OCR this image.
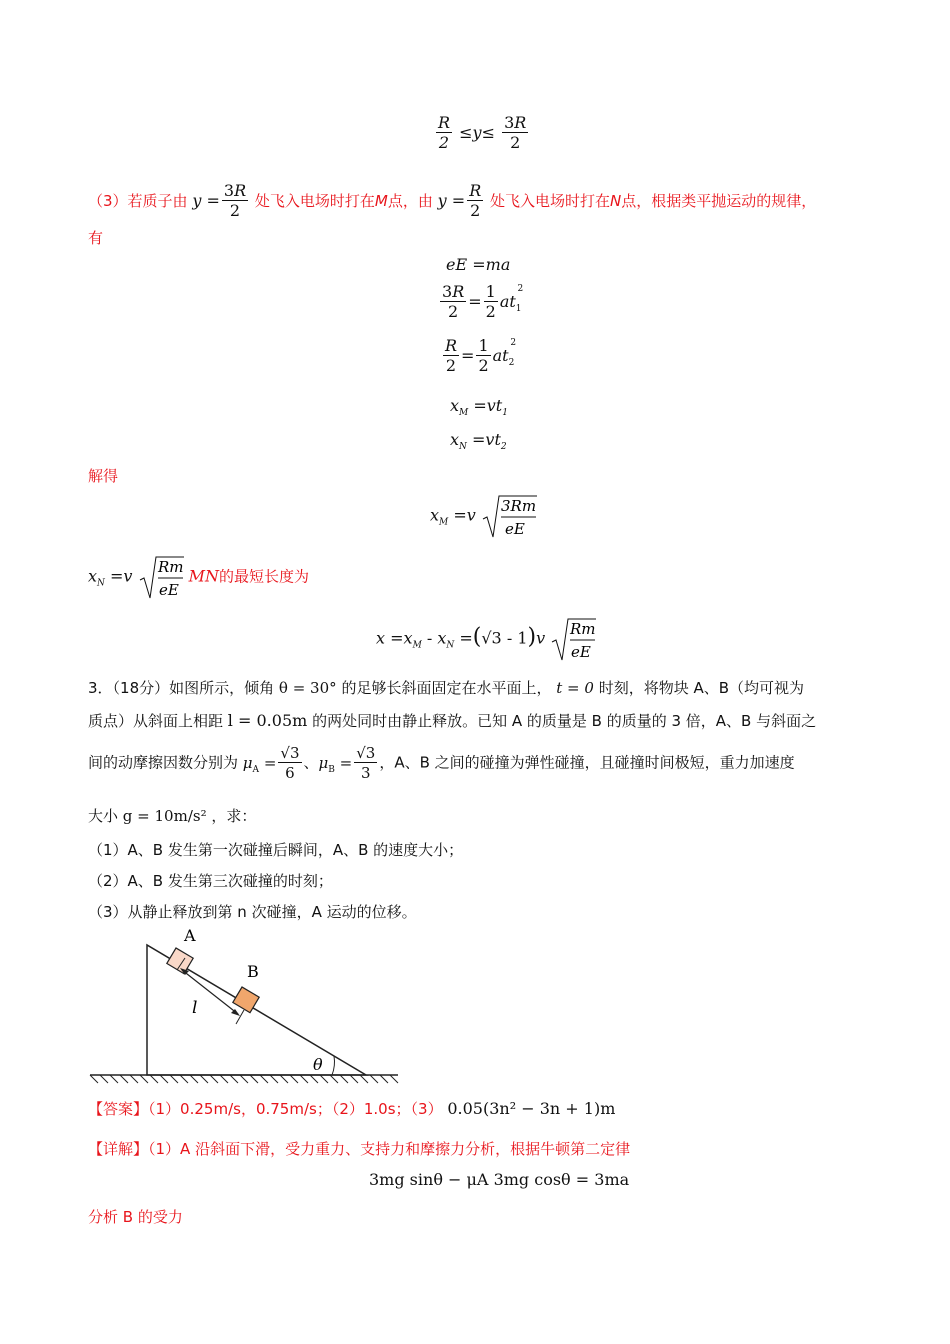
$\frac{R}{2} \le y\le \frac{3R}{2}$
（3）若质子由 $y = \frac{3R}{2}$ 处飞入电场时打在M点，由 $y = \frac{R}{2}$ 处飞入电场时打在N点，根据类平抛运动的规律，
有
eE =ma
$\frac{3R}{2} = \frac{1}{2} at_1^2$
$\frac{R}{2} = \frac{1}{2} at_2^2$
$x_M =vt_1$
$x_N =vt_2$
解得
$x_M =v$ 3Rm
eE
$x_N =v$ Rm
eE
MN的最短长度为
$x =x_M - x_N =(√3 - 1)v$ Rm
eE
3．（18分）如图所示，倾角 θ = 30° 的足够长斜面固定在水平面上， t = 0 时刻，将物块 A、B（均可视为
质点）从斜面上相距 l = 0.05m 的两处同时由静止释放。已知 A 的质量是 B 的质量的 3 倍，A、B 与斜面之
间的动摩擦因数分别为 $\mu_A = \frac{√3}{6}$ 、$\mu_B = \frac{√3}{3}$ ，A、B 之间的碰撞为弹性碰撞，且碰撞时间极短，重力加速度
大小 g = 10m/s² ，求：
（1）A、B 发生第一次碰撞后瞬间，A、B 的速度大小；
（2）A、B 发生第三次碰撞的时刻；
（3）从静止释放到第 n 次碰撞，A 运动的位移。
A
B
l
θ
【答案】（1）0.25m/s，0.75m/s；（2）1.0s；（3） 0.05(3n² − 3n + 1)m
【详解】（1）A 沿斜面下滑，受力重力、支持力和摩擦力分析，根据牛顿第二定律
3mg sinθ − μA 3mg cosθ = 3ma
分析 B 的受力
